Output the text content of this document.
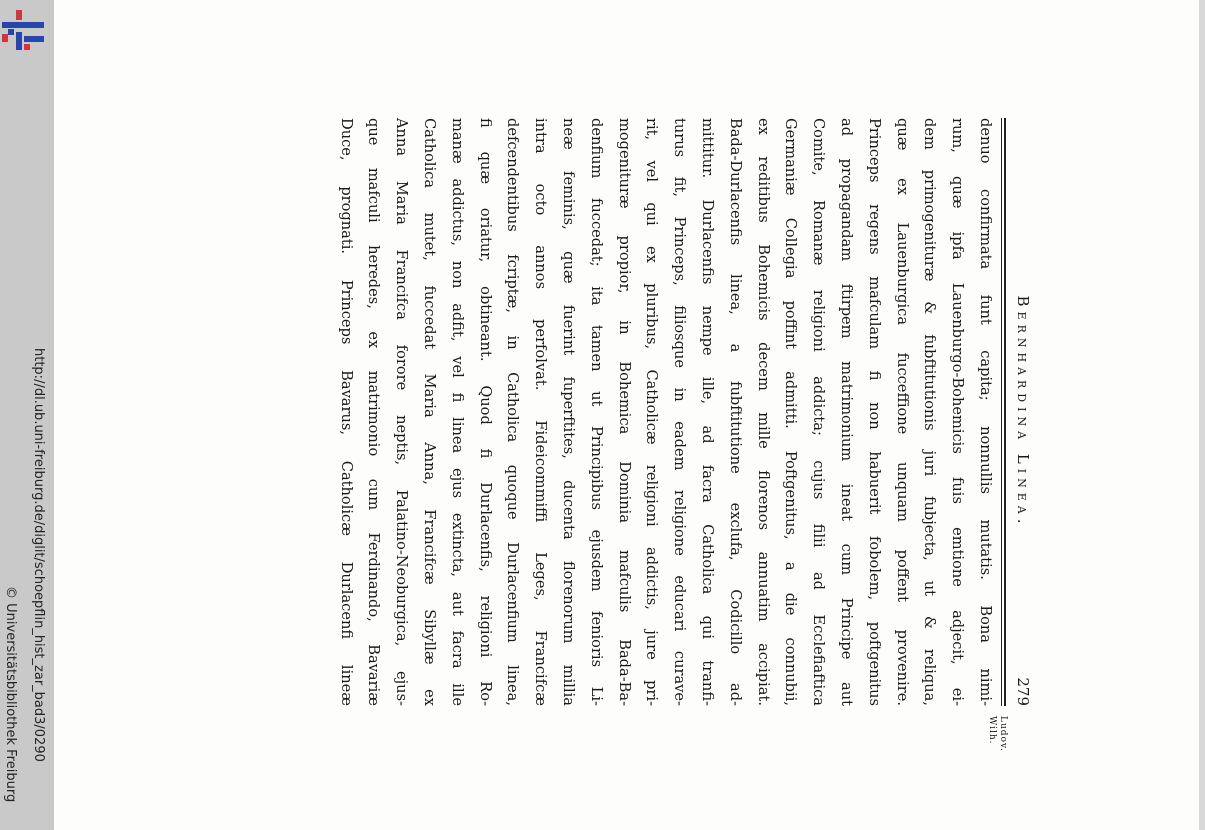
http://dl.ub.uni-freiburg.de/diglit/schoepflin_hist_zar_bad3/0290
© Universitätsbibliothek Freiburg
Bernhardina Linea.
279
Ludov.
Wilh.
denuo confirmata funt capita; nonnullis mutatis. Bona nimi-
rum, quæ ipfa Lauenburgo-Bohemicis fuis emtione adjecit, ei-
dem primogenituræ & fubftitutionis juri fubjecta, ut & reliqua,
quæ ex Lauenburgica fucceffione unquam poffent provenire.
Princeps regens mafculam fi non habuerit fobolem, poftgenitus
ad propagandam ftirpem matrimonium ineat cum Principe aut
Comite, Romanæ religioni addicta; cujus filii ad Ecclefiaftica
Germaniæ Collegia poffint admitti. Poftgenitus, a die connubii,
ex reditibus Bohemicis decem mille florenos annuatim accipiat.
Bada-Durlacenfis linea, a fubftitutione exclufa, Codicillo ad-
mittitur. Durlacenfis nempe ille, ad facra Catholica qui tranfi-
turus fit, Princeps, filiosque in eadem religione educari curave-
rit, vel qui ex pluribus, Catholicæ religioni addictis, jure pri-
mogenituræ propior, in Bohemica Dominia mafculis Bada-Ba-
denfium fuccedat; ita tamen ut Principibus ejusdem fenioris Li-
neæ feminis, quæ fuerint fuperftites, ducenta florenorum millia
intra octo annos perfolvat. Fideicommiffi Leges, Francifcæ
defcendentibus fcriptæ, in Catholica quoque Durlacenfium linea,
fi quæ oriatur, obtineant. Quod fi Durlacenfis, religioni Ro-
manæ addictus, non adfit, vel fi linea ejus extincta, aut facra ille
Catholica mutet, fuccedat Maria Anna, Francifcæ Sibyllæ ex
Anna Maria Francifca forore neptis, Palatino-Neoburgica, ejus-
que mafculi heredes, ex matrimonio cum Ferdinando, Bavariæ
Duce, prognati. Princeps Bavarus, Catholicæ Durlacenfi lineæ
